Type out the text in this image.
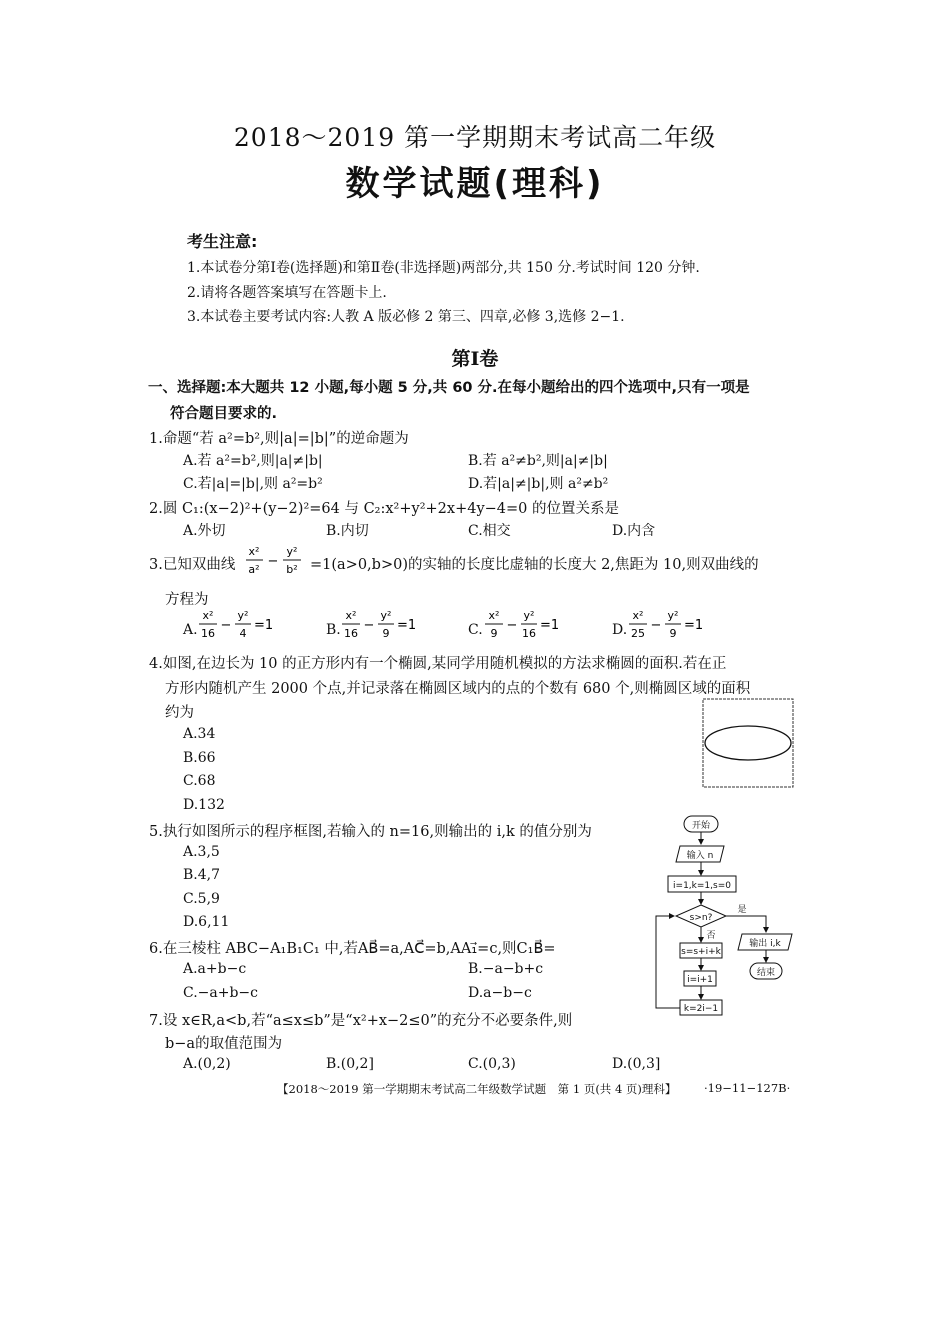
2018～2019 第一学期期末考试高二年级
数学试题(理科)
考生注意:
1.本试卷分第Ⅰ卷(选择题)和第Ⅱ卷(非选择题)两部分,共 150 分.考试时间 120 分钟.
2.请将各题答案填写在答题卡上.
3.本试卷主要考试内容:人教 A 版必修 2 第三、四章,必修 3,选修 2−1.
第Ⅰ卷
一、选择题:本大题共 12 小题,每小题 5 分,共 60 分.在每小题给出的四个选项中,只有一项是
符合题目要求的.
1.命题“若 a²=b²,则|a|=|b|”的逆命题为
A.若 a²=b²,则|a|≠|b|	B.若 a²≠b²,则|a|≠|b|
C.若|a|=|b|,则 a²=b²	D.若|a|≠|b|,则 a²≠b²
2.圆 C₁:(x−2)²+(y−2)²=64 与 C₂:x²+y²+2x+4y−4=0 的位置关系是
A.外切	B.内切	C.相交	D.内含
3.已知双曲线
x²
a²
−
y²
b² =1(a>0,b>0)的实轴的长度比虚轴的长度大 2,焦距为 10,则双曲线的
方程为
A.
x²
16
−
y²
4
=1	B.
x²
16
−
y²
9
=1	C.
x²
9
−
y²
16
=1	D.
x²
25
−
y²
9
=1
4.如图,在边长为 10 的正方形内有一个椭圆,某同学用随机模拟的方法求椭圆的面积.若在正
方形内随机产生 2000 个点,并记录落在椭圆区域内的点的个数有 680 个,则椭圆区域的面积
约为
A.34
B.66
C.68
D.132
5.执行如图所示的程序框图,若输入的 n=16,则输出的 i,k 的值分别为
A.3,5
B.4,7
C.5,9
D.6,11
开始
输入 n
i=1,k=1,s=0
s>n?
是
否
s=s+i+k
i=i+1
k=2i−1
输出 i,k
结束
6.在三棱柱 ABC−A₁B₁C₁ 中,若AB⃗=a,AC⃗=b,AA₁⃗=c,则C₁B⃗=
A.a+b−c	B.−a−b+c
C.−a+b−c	D.a−b−c
7.设 x∈R,a<b,若“a≤x≤b”是“x²+x−2≤0”的充分不必要条件,则
b−a的取值范围为
A.(0,2)	B.(0,2]	C.(0,3)	D.(0,3]
【2018～2019 第一学期期末考试高二年级数学试题　第 1 页(共 4 页)理科】 ·19−11−127B·
